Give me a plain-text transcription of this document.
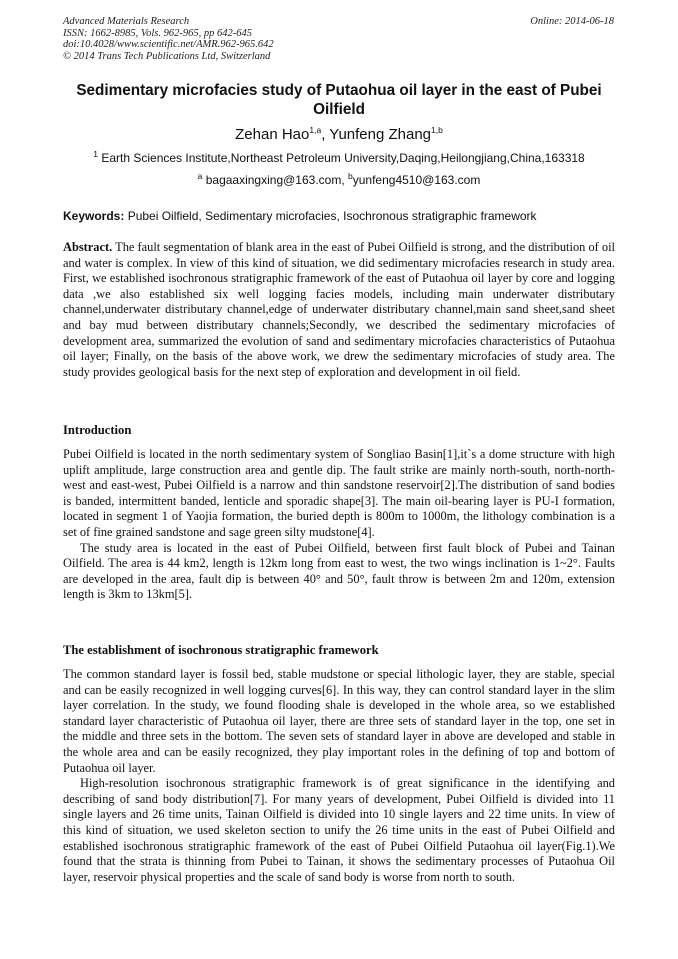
Advanced Materials Research
ISSN: 1662-8985, Vols. 962-965, pp 642-645
doi:10.4028/www.scientific.net/AMR.962-965.642
© 2014 Trans Tech Publications Ltd, Switzerland
Online: 2014-06-18
Sedimentary microfacies study of Putaohua oil layer in the east of Pubei Oilfield
Zehan Hao$^{1,a}$, Yunfeng Zhang$^{1,b}$
$^1$ Earth Sciences Institute,Northeast Petroleum University,Daqing,Heilongjiang,China,163318
$^a$ bagaaxingxing@163.com, $^b$yunfeng4510@163.com
Keywords: Pubei Oilfield, Sedimentary microfacies, Isochronous stratigraphic framework

Abstract. The fault segmentation of blank area in the east of Pubei Oilfield is strong, and the distribution of oil and water is complex. In view of this kind of situation, we did sedimentary microfacies research in study area. First, we established isochronous stratigraphic framework of the east of Putaohua oil layer by core and logging data ,we also established six well logging facies models, including main underwater distributary channel,underwater distributary channel,edge of underwater distributary channel,main sand sheet,sand sheet and bay mud between distributary channels;Secondly, we described the sedimentary microfacies of development area, summarized the evolution of sand and sedimentary microfacies characteristics of Putaohua oil layer; Finally, on the basis of the above work, we drew the sedimentary microfacies of study area. The study provides geological basis for the next step of exploration and development in oil field.

Introduction

Pubei Oilfield is located in the north sedimentary system of Songliao Basin[1],it`s a dome structure with high uplift amplitude, large construction area and gentle dip. The fault strike are mainly north-south, north-north-west and east-west, Pubei Oilfield is a narrow and thin sandstone reservoir[2].The distribution of sand bodies is banded, intermittent banded, lenticle and sporadic shape[3]. The main oil-bearing layer is PU-I formation, located in segment 1 of Yaojia formation, the buried depth is 800m to 1000m, the lithology combination is a set of fine grained sandstone and sage green silty mudstone[4].

The study area is located in the east of Pubei Oilfield, between first fault block of Pubei and Tainan Oilfield. The area is 44 km2, length is 12km long from east to west, the two wings inclination is 1~2°. Faults are developed in the area, fault dip is between 40° and 50°, fault throw is between 2m and 120m, extension length is 3km to 13km[5].

The establishment of isochronous stratigraphic framework

The common standard layer is fossil bed, stable mudstone or special lithologic layer, they are stable, special and can be easily recognized in well logging curves[6]. In this way, they can control standard layer in the slim layer correlation. In the study, we found flooding shale is developed in the whole area, so we established standard layer characteristic of Putaohua oil layer, there are three sets of standard layer in the top, one set in the middle and three sets in the bottom. The seven sets of standard layer in above are developed and stable in the whole area and can be easily recognized, they play important roles in the defining of top and bottom of Putaohua oil layer.

High-resolution isochronous stratigraphic framework is of great significance in the identifying and describing of sand body distribution[7]. For many years of development, Pubei Oilfield is divided into 11 single layers and 26 time units, Tainan Oilfield is divided into 10 single layers and 22 time units. In view of this kind of situation, we used skeleton section to unify the 26 time units in the east of Pubei Oilfield and established isochronous stratigraphic framework of the east of Pubei Oilfield Putaohua oil layer(Fig.1).We found that the strata is thinning from Pubei to Tainan, it shows the sedimentary processes of Putaohua Oil layer, reservoir physical properties and the scale of sand body is worse from north to south.
